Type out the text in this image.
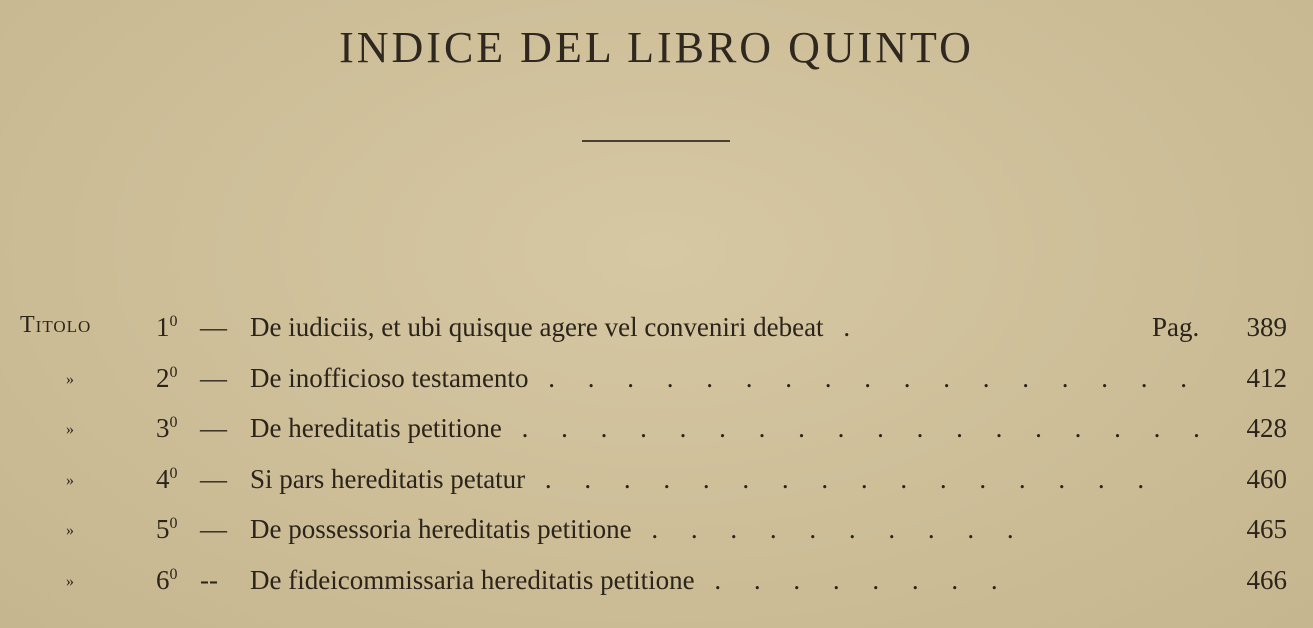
INDICE DEL LIBRO QUINTO
Titolo $1^0$ — De iudiciis, et ubi quisque agere vel conveniri debeat .	Pag. 389
»	$2^0$ — De inofficioso testamento . . . . . . . . . . . . . . . . . 412
»	$3^0$ — De hereditatis petitione . . . . . . . . . . . . . . . . . . 428
»	$4^0$ — Si pars hereditatis petatur . . . . . . . . . . . . . . . .	460
»	$5^0$ — De possessoria hereditatis petitione . . . . . . . . . .	465
»	$6^0$ -- De fideicommissaria hereditatis petitione . . . . . . . .	466
